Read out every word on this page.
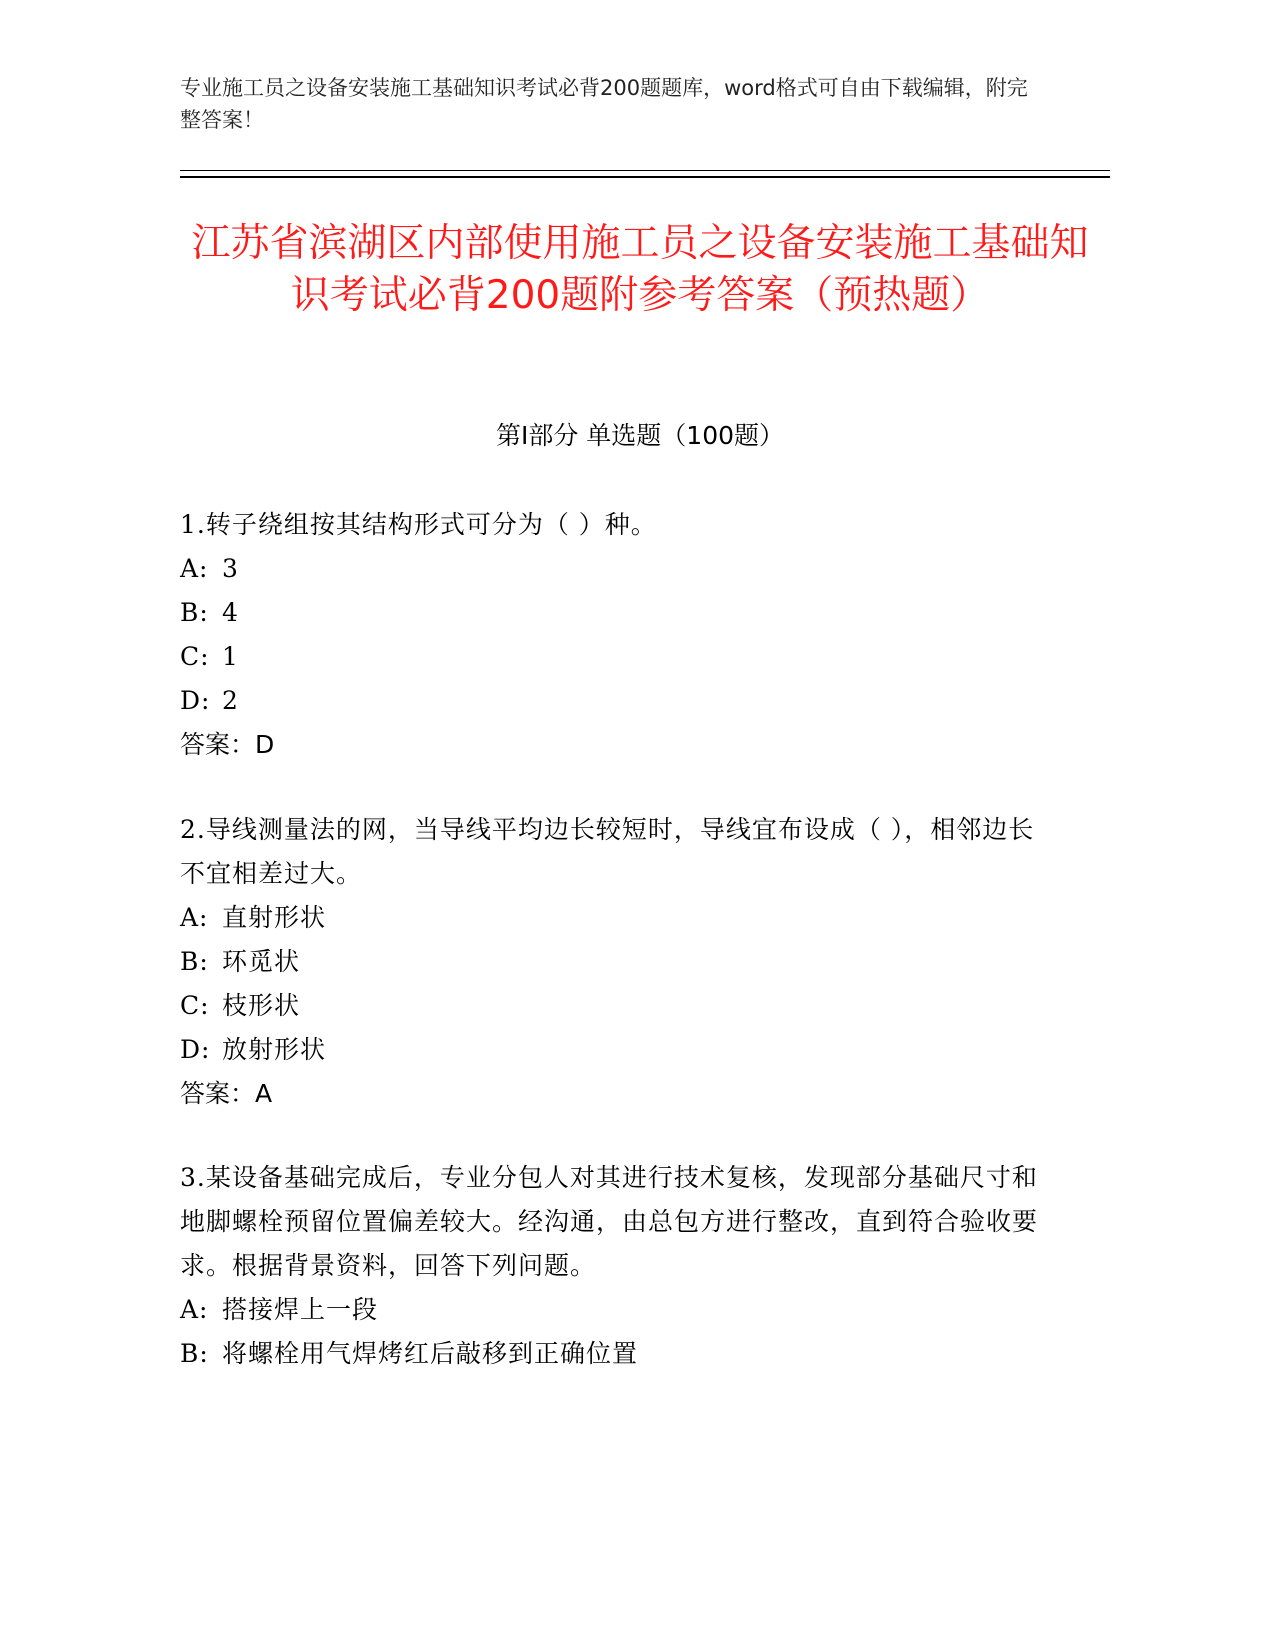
专业施工员之设备安装施工基础知识考试必背200题题库，word格式可自由下载编辑，附完整答案！
江苏省滨湖区内部使用施工员之设备安装施工基础知识考试必背200题附参考答案（预热题）
第I部分 单选题（100题）

1.转子绕组按其结构形式可分为（ ）种。

A: 3

B: 4

C: 1

D: 2

答案：D

2.导线测量法的网，当导线平均边长较短时，导线宜布设成（ ），相邻边长不宜相差过大。

A: 直射形状

B: 环觅状

C: 枝形状

D: 放射形状

答案：A

3.某设备基础完成后，专业分包人对其进行技术复核，发现部分基础尺寸和地脚螺栓预留位置偏差较大。经沟通，由总包方进行整改，直到符合验收要求。根据背景资料，回答下列问题。

A: 搭接焊上一段

B: 将螺栓用气焊烤红后敲移到正确位置
